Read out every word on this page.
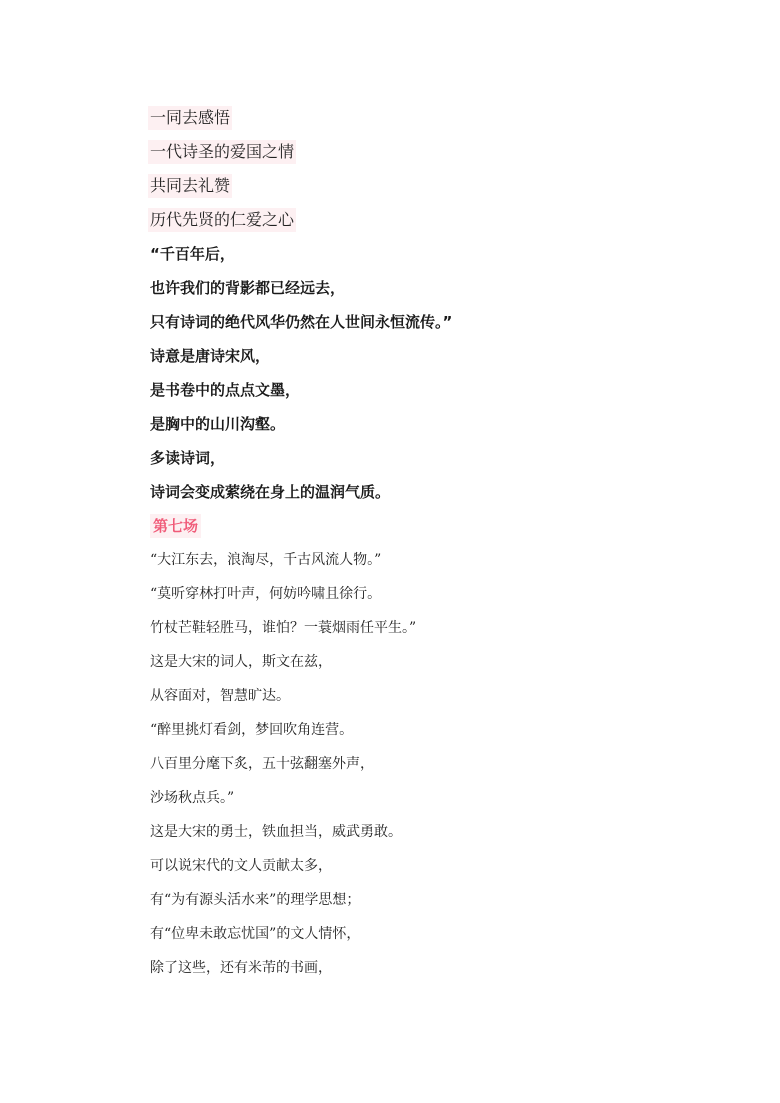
一同去感悟
一代诗圣的爱国之情
共同去礼赞
历代先贤的仁爱之心
“千百年后，
也许我们的背影都已经远去，
只有诗词的绝代风华仍然在人世间永恒流传。”
诗意是唐诗宋风，
是书卷中的点点文墨，
是胸中的山川沟壑。
多读诗词，
诗词会变成萦绕在身上的温润气质。
第七场
“大江东去，浪淘尽，千古风流人物。”
“莫听穿林打叶声，何妨吟啸且徐行。
竹杖芒鞋轻胜马，谁怕？一蓑烟雨任平生。”
这是大宋的词人，斯文在兹，
从容面对，智慧旷达。
“醉里挑灯看剑，梦回吹角连营。
八百里分麾下炙，五十弦翻塞外声，
沙场秋点兵。”
这是大宋的勇士，铁血担当，威武勇敢。
可以说宋代的文人贡献太多，
有“为有源头活水来”的理学思想；
有“位卑未敢忘忧国”的文人情怀，
除了这些，还有米芾的书画，
